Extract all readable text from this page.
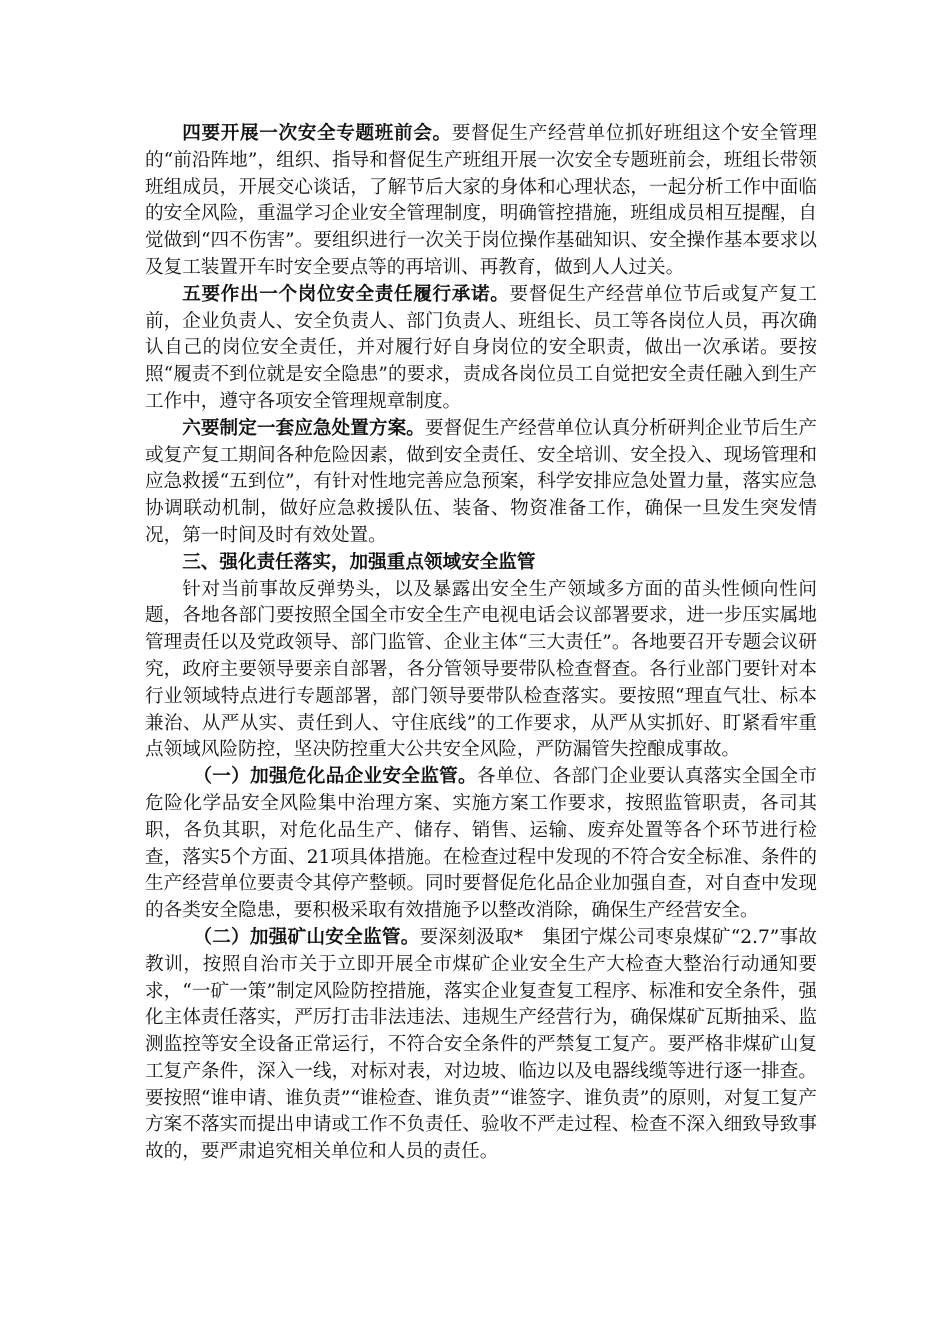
四要开展一次安全专题班前会。要督促生产经营单位抓好班组这个安全管理的“前沿阵地”，组织、指导和督促生产班组开展一次安全专题班前会，班组长带领班组成员，开展交心谈话，了解节后大家的身体和心理状态，一起分析工作中面临的安全风险，重温学习企业安全管理制度，明确管控措施，班组成员相互提醒，自觉做到“四不伤害”。要组织进行一次关于岗位操作基础知识、安全操作基本要求以及复工装置开车时安全要点等的再培训、再教育，做到人人过关。

五要作出一个岗位安全责任履行承诺。要督促生产经营单位节后或复产复工前，企业负责人、安全负责人、部门负责人、班组长、员工等各岗位人员，再次确认自己的岗位安全责任，并对履行好自身岗位的安全职责，做出一次承诺。要按照“履责不到位就是安全隐患”的要求，责成各岗位员工自觉把安全责任融入到生产工作中，遵守各项安全管理规章制度。

六要制定一套应急处置方案。要督促生产经营单位认真分析研判企业节后生产或复产复工期间各种危险因素，做到安全责任、安全培训、安全投入、现场管理和应急救援“五到位”，有针对性地完善应急预案，科学安排应急处置力量，落实应急协调联动机制，做好应急救援队伍、装备、物资准备工作，确保一旦发生突发情况，第一时间及时有效处置。

三、强化责任落实，加强重点领域安全监管

针对当前事故反弹势头，以及暴露出安全生产领域多方面的苗头性倾向性问题，各地各部门要按照全国全市安全生产电视电话会议部署要求，进一步压实属地管理责任以及党政领导、部门监管、企业主体“三大责任”。各地要召开专题会议研究，政府主要领导要亲自部署，各分管领导要带队检查督查。各行业部门要针对本行业领域特点进行专题部署，部门领导要带队检查落实。要按照“理直气壮、标本兼治、从严从实、责任到人、守住底线”的工作要求，从严从实抓好、盯紧看牢重点领域风险防控，坚决防控重大公共安全风险，严防漏管失控酿成事故。

（一）加强危化品企业安全监管。各单位、各部门企业要认真落实全国全市危险化学品安全风险集中治理方案、实施方案工作要求，按照监管职责，各司其职，各负其职，对危化品生产、储存、销售、运输、废弃处置等各个环节进行检查，落实5个方面、21项具体措施。在检查过程中发现的不符合安全标准、条件的生产经营单位要责令其停产整顿。同时要督促危化品企业加强自查，对自查中发现的各类安全隐患，要积极采取有效措施予以整改消除，确保生产经营安全。

（二）加强矿山安全监管。要深刻汲取*　集团宁煤公司枣泉煤矿“2.7”事故教训，按照自治市关于立即开展全市煤矿企业安全生产大检查大整治行动通知要求，“一矿一策”制定风险防控措施，落实企业复查复工程序、标准和安全条件，强化主体责任落实，严厉打击非法违法、违规生产经营行为，确保煤矿瓦斯抽采、监测监控等安全设备正常运行，不符合安全条件的严禁复工复产。要严格非煤矿山复工复产条件，深入一线，对标对表，对边坡、临边以及电器线缆等进行逐一排查。要按照“谁申请、谁负责”“谁检查、谁负责”“谁签字、谁负责”的原则，对复工复产方案不落实而提出申请或工作不负责任、验收不严走过程、检查不深入细致导致事故的，要严肃追究相关单位和人员的责任。
